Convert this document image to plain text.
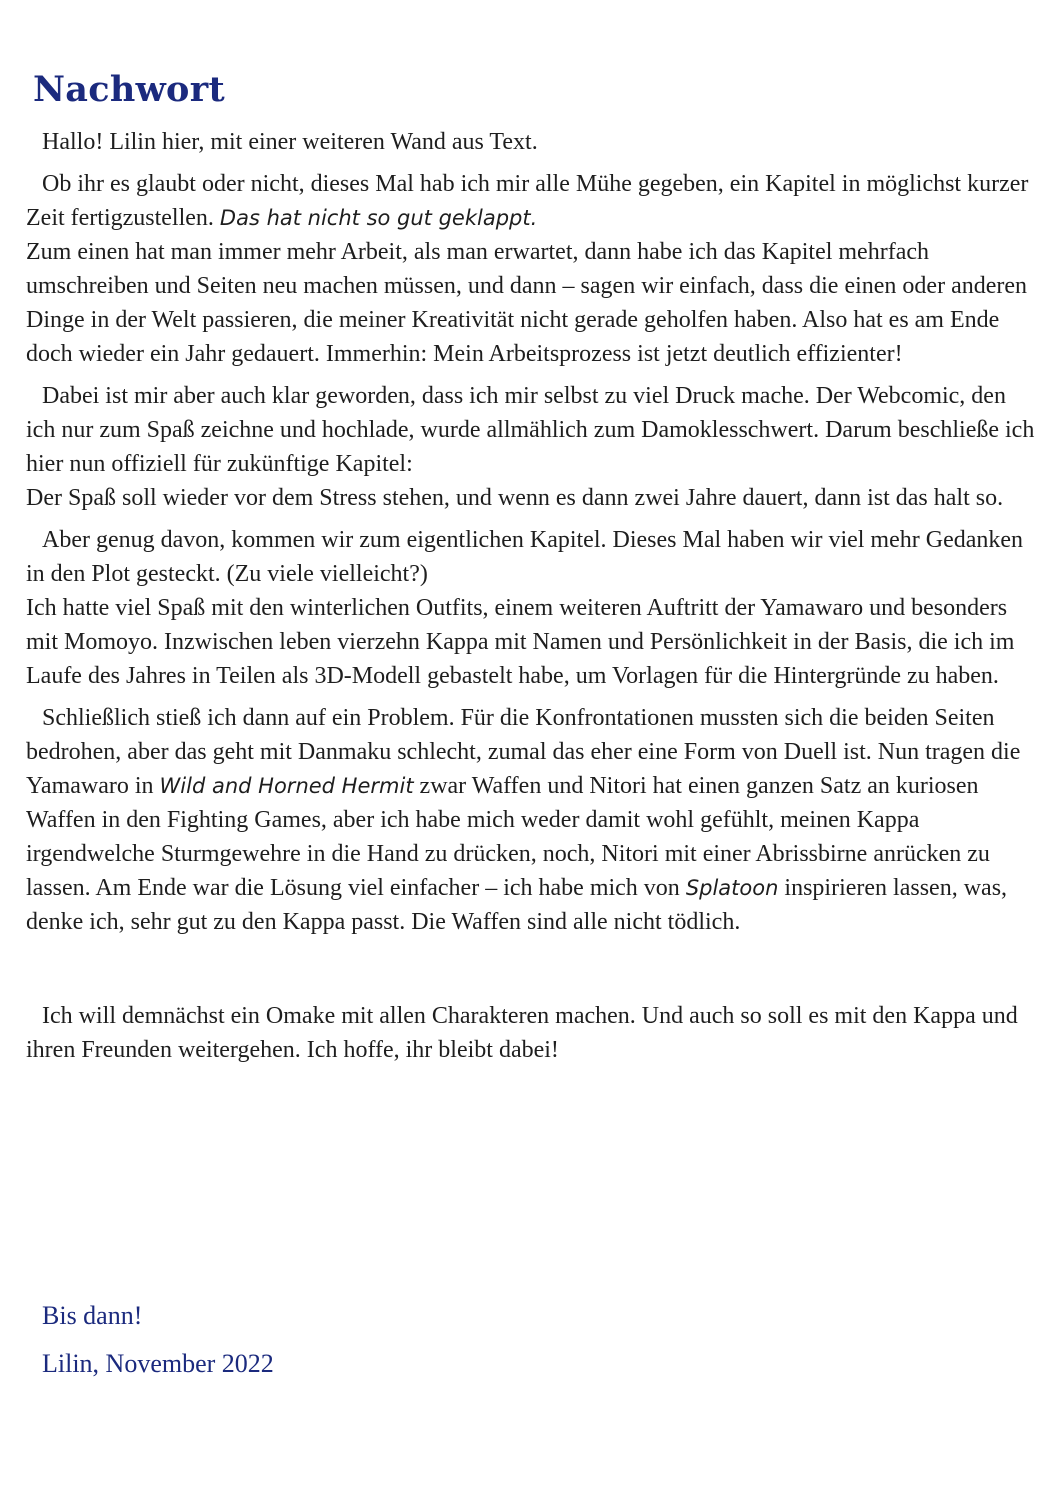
Nachwort

Hallo! Lilin hier, mit einer weiteren Wand aus Text.

Ob ihr es glaubt oder nicht, dieses Mal hab ich mir alle Mühe gegeben, ein Kapitel in möglichst kurzer Zeit fertigzustellen. Das hat nicht so gut geklappt.
Zum einen hat man immer mehr Arbeit, als man erwartet, dann habe ich das Kapitel mehrfach umschreiben und Seiten neu machen müssen, und dann – sagen wir einfach, dass die einen oder anderen Dinge in der Welt passieren, die meiner Kreativität nicht gerade geholfen haben. Also hat es am Ende doch wieder ein Jahr gedauert. Immerhin: Mein Arbeitsprozess ist jetzt deutlich effizienter!

Dabei ist mir aber auch klar geworden, dass ich mir selbst zu viel Druck mache. Der Webcomic, den ich nur zum Spaß zeichne und hochlade, wurde allmählich zum Damoklesschwert. Darum beschließe ich hier nun offiziell für zukünftige Kapitel:
Der Spaß soll wieder vor dem Stress stehen, und wenn es dann zwei Jahre dauert, dann ist das halt so.

Aber genug davon, kommen wir zum eigentlichen Kapitel. Dieses Mal haben wir viel mehr Gedanken in den Plot gesteckt. (Zu viele vielleicht?)
Ich hatte viel Spaß mit den winterlichen Outfits, einem weiteren Auftritt der Yamawaro und besonders mit Momoyo. Inzwischen leben vierzehn Kappa mit Namen und Persönlichkeit in der Basis, die ich im Laufe des Jahres in Teilen als 3D-Modell gebastelt habe, um Vorlagen für die Hintergründe zu haben.

Schließlich stieß ich dann auf ein Problem. Für die Konfrontationen mussten sich die beiden Seiten bedrohen, aber das geht mit Danmaku schlecht, zumal das eher eine Form von Duell ist. Nun tragen die Yamawaro in Wild and Horned Hermit zwar Waffen und Nitori hat einen ganzen Satz an kuriosen Waffen in den Fighting Games, aber ich habe mich weder damit wohl gefühlt, meinen Kappa irgendwelche Sturmgewehre in die Hand zu drücken, noch, Nitori mit einer Abrissbirne anrücken zu lassen. Am Ende war die Lösung viel einfacher – ich habe mich von Splatoon inspirieren lassen, was, denke ich, sehr gut zu den Kappa passt. Die Waffen sind alle nicht tödlich.

Ich will demnächst ein Omake mit allen Charakteren machen. Und auch so soll es mit den Kappa und ihren Freunden weitergehen. Ich hoffe, ihr bleibt dabei!

Bis dann!
Lilin, November 2022
